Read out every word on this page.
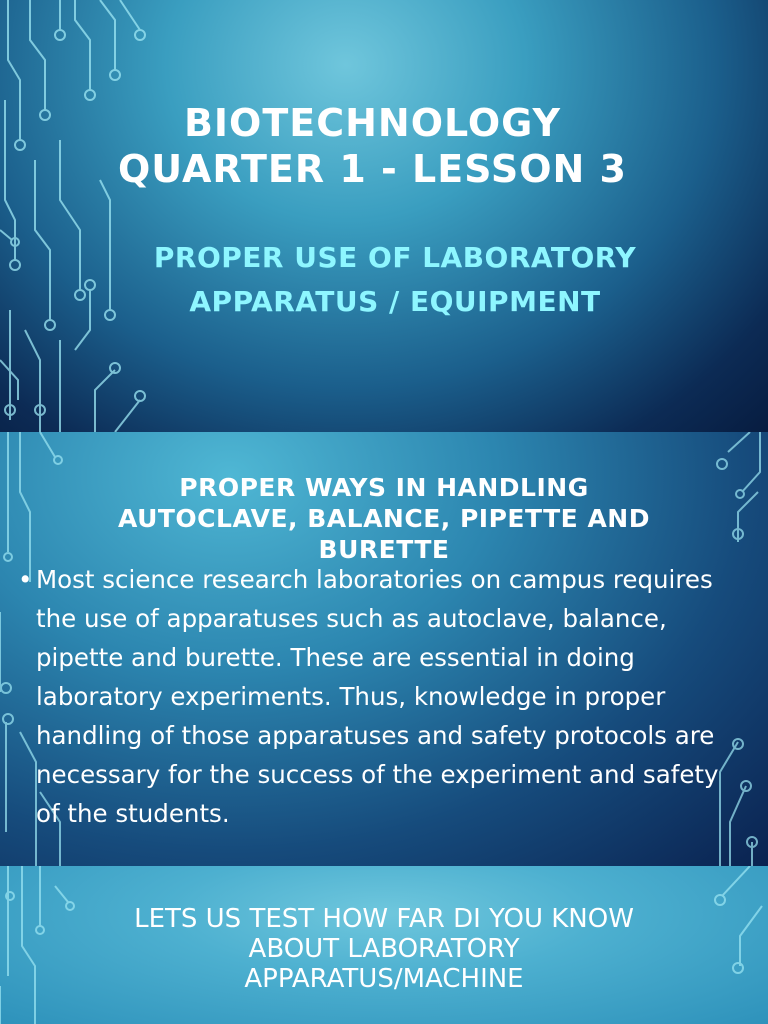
BIOTECHNOLOGY
QUARTER 1 - LESSON 3
PROPER USE OF LABORATORY
APPARATUS / EQUIPMENT
PROPER WAYS IN HANDLING
AUTOCLAVE, BALANCE, PIPETTE AND
BURETTE
• Most science research laboratories on campus requires the use of apparatuses such as autoclave, balance, pipette and burette. These are essential in doing laboratory experiments. Thus, knowledge in proper handling of those apparatuses and safety protocols are necessary for the success of the experiment and safety of the students.
LETS US TEST HOW FAR DI YOU KNOW
ABOUT LABORATORY
APPARATUS/MACHINE
